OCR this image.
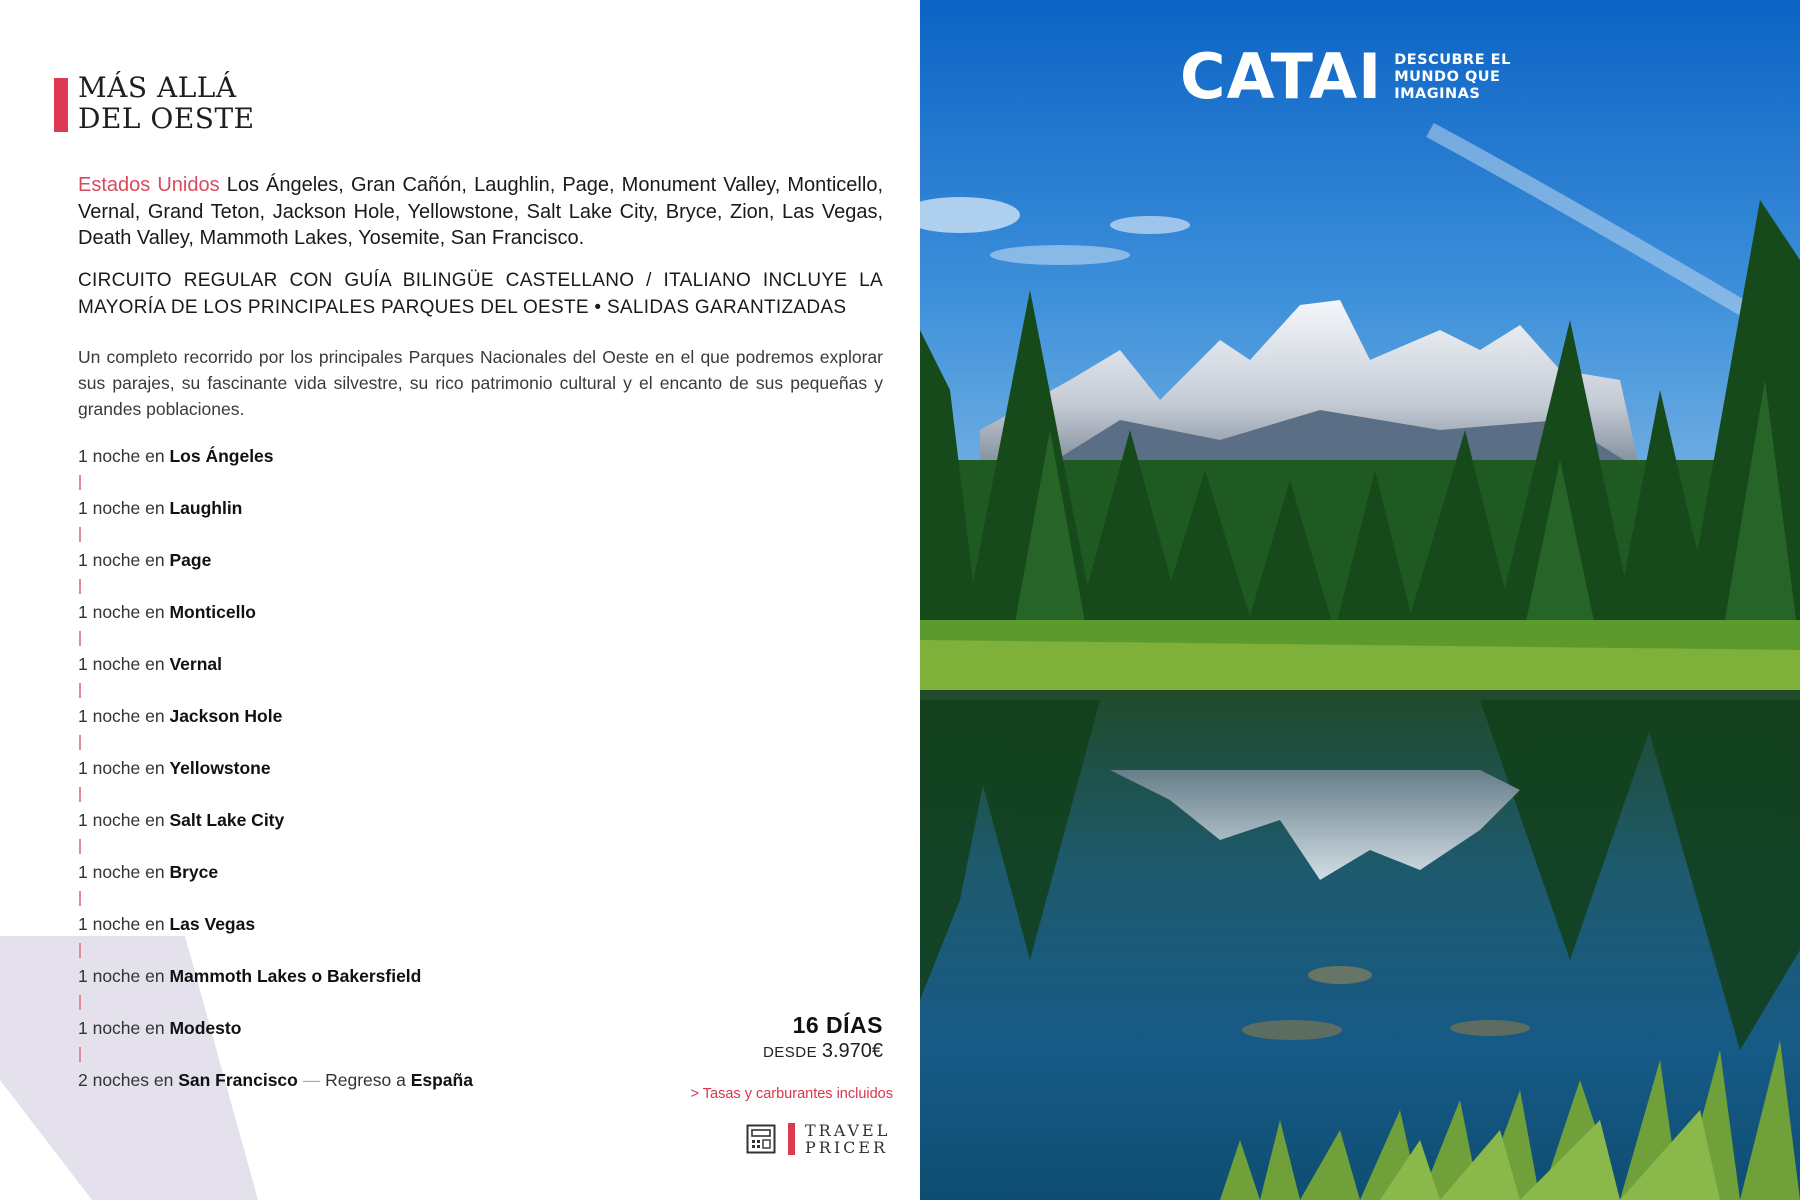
MÁS ALLÁ
DEL OESTE
Estados Unidos Los Ángeles, Gran Cañón, Laughlin, Page, Monument Valley, Monticello, Vernal, Grand Teton, Jackson Hole, Yellowstone, Salt Lake City, Bryce, Zion, Las Vegas, Death Valley, Mammoth Lakes, Yosemite, San Francisco.
CIRCUITO REGULAR CON GUÍA BILINGÜE CASTELLANO / ITALIANO INCLUYE LA MAYORÍA DE LOS PRINCIPALES PARQUES DEL OESTE • SALIDAS GARANTIZADAS
Un completo recorrido por los principales Parques Nacionales del Oeste en el que podremos explorar sus parajes, su fascinante vida silvestre, su rico patrimonio cultural y el encanto de sus pequeñas y grandes poblaciones.
1 noche en Los Ángeles
1 noche en Laughlin
1 noche en Page
1 noche en Monticello
1 noche en Vernal
1 noche en Jackson Hole
1 noche en Yellowstone
1 noche en Salt Lake City
1 noche en Bryce
1 noche en Las Vegas
1 noche en Mammoth Lakes o Bakersfield
1 noche en Modesto
2 noches en San Francisco — Regreso a España
16 DÍAS
DESDE 3.970€
> Tasas y carburantes incluidos
TRAVEL
PRICER
CATAI DESCUBRE EL
MUNDO QUE
IMAGINAS
